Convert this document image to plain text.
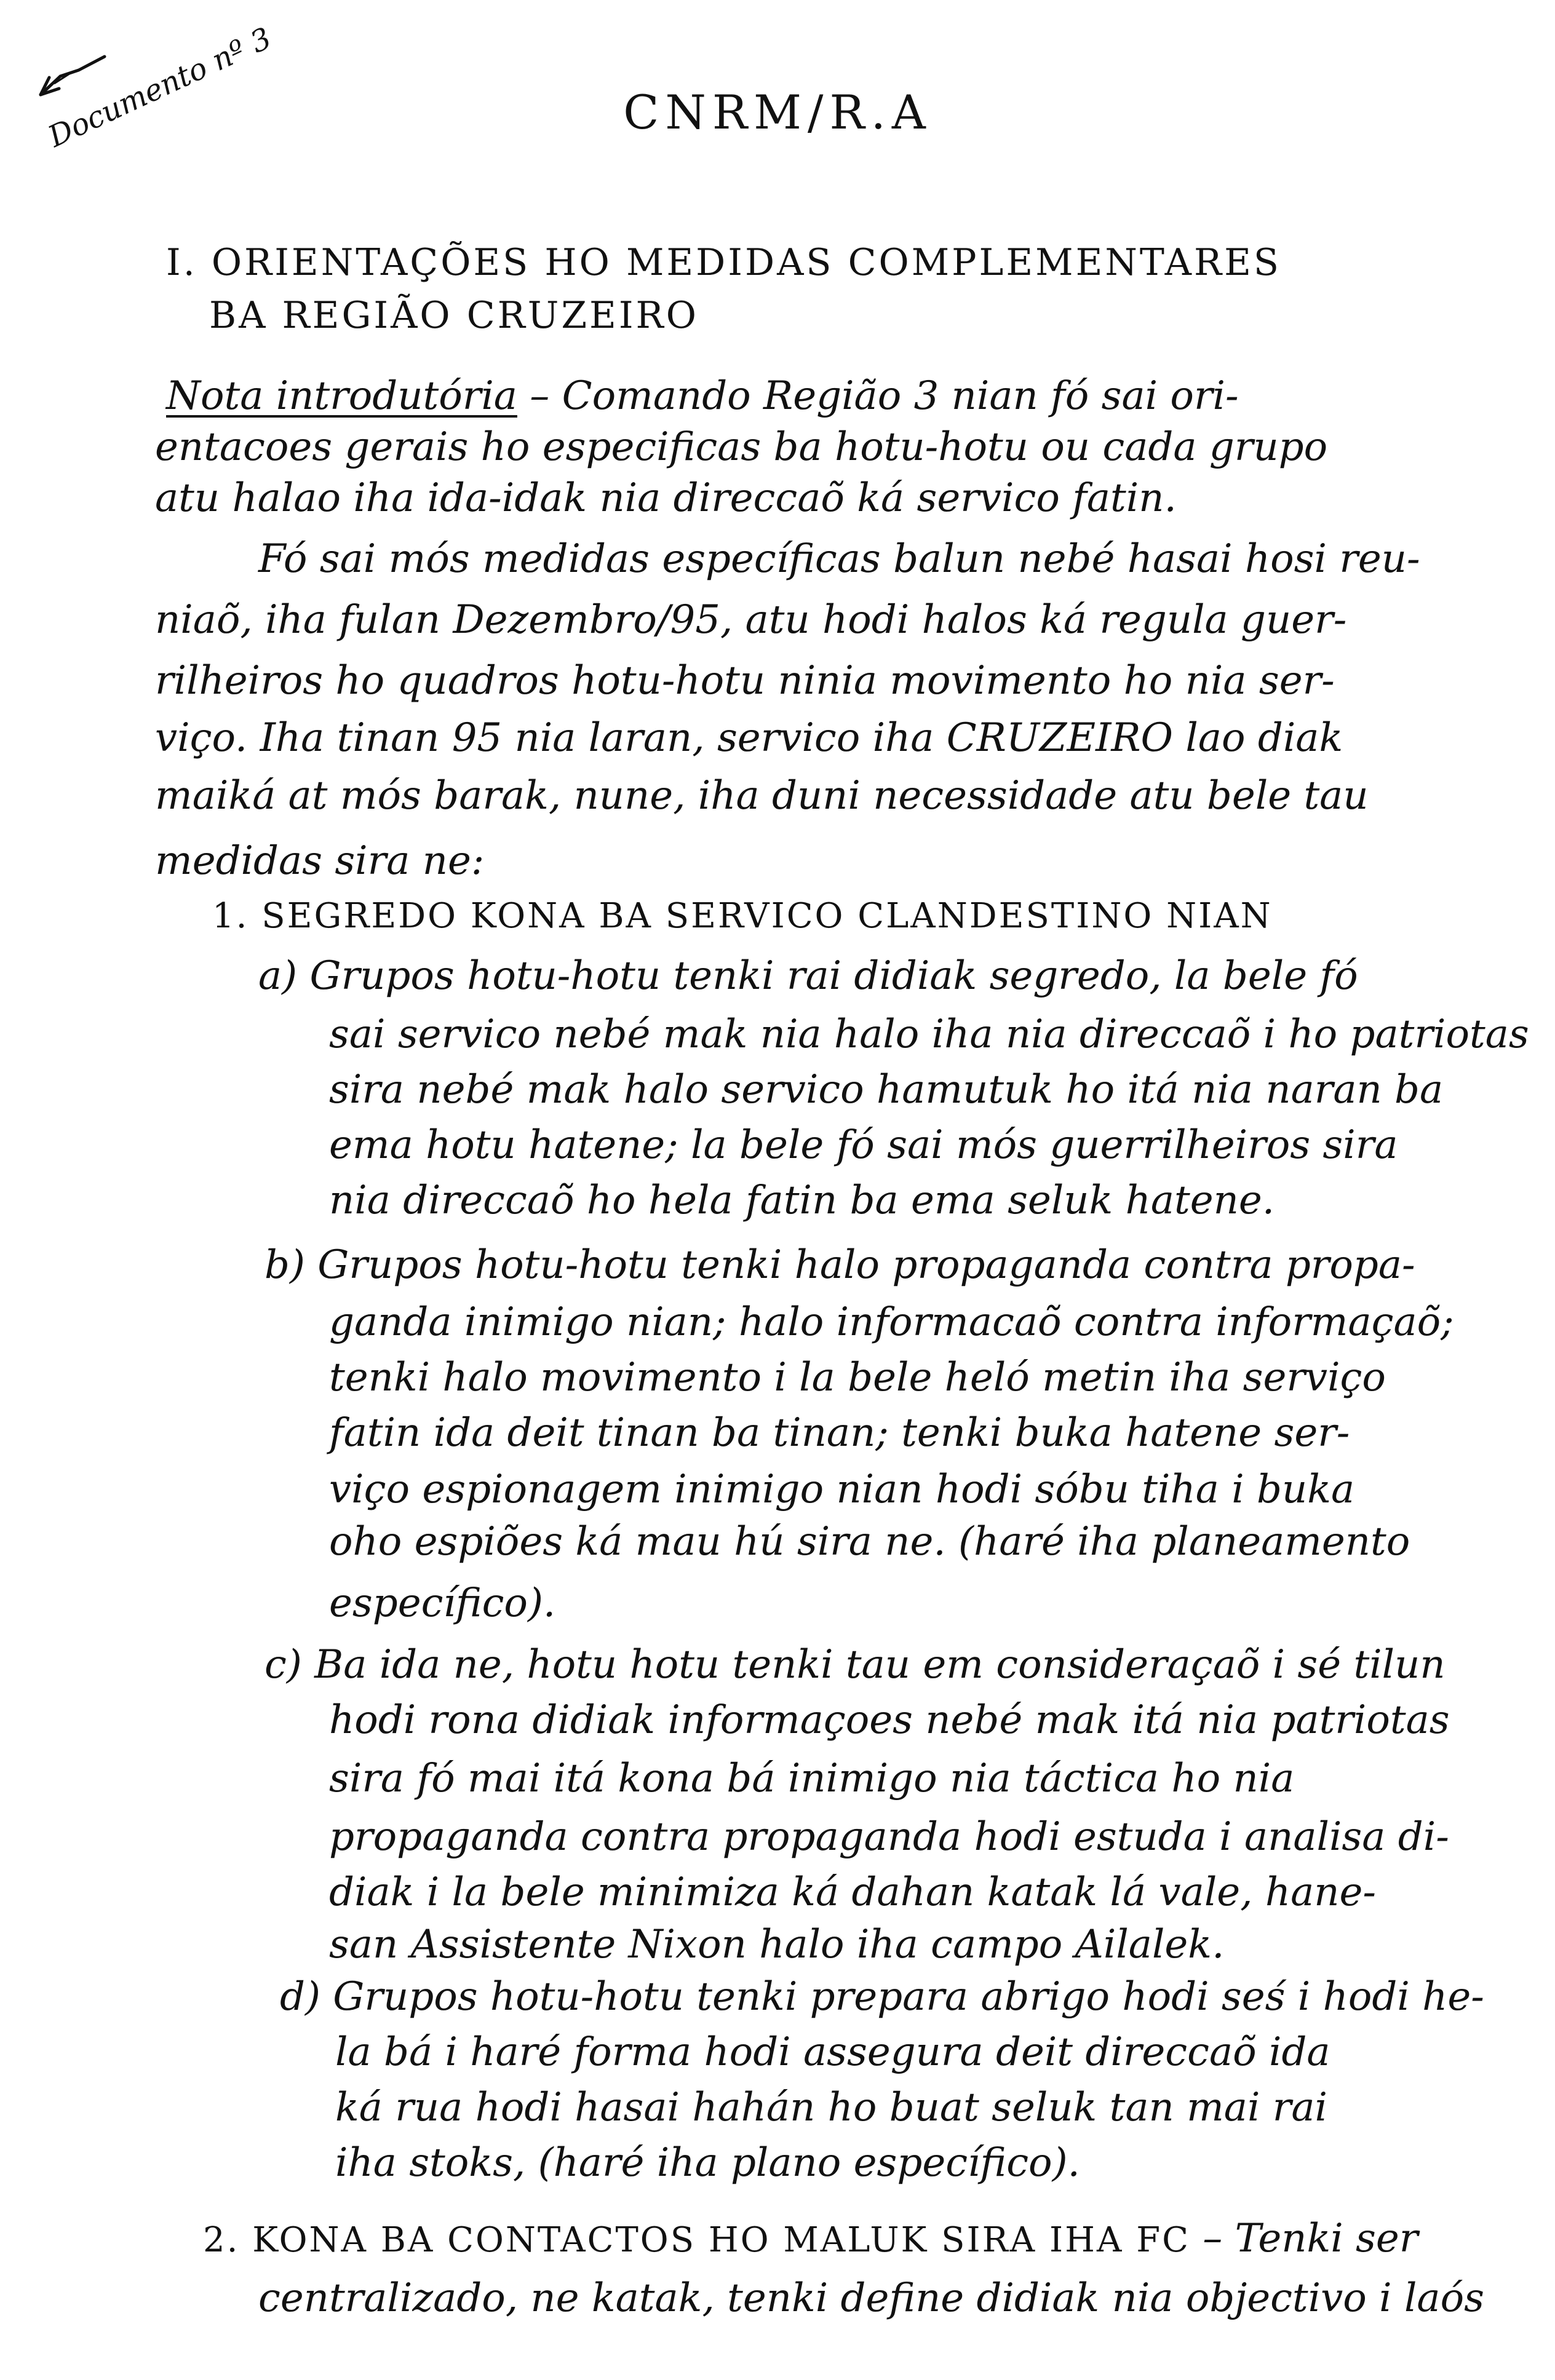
Documento nº 3	CNRM/R.A
I. ORIENTAÇÕES HO MEDIDAS COMPLEMENTARES
BA REGIÃO CRUZEIRO
Nota introdutória – Comando Região 3 nian fó sai ori-
entacoes gerais ho especificas ba hotu-hotu ou cada grupo
atu halao iha ida-idak nia direccaõ ká servico fatin.
Fó sai mós medidas específicas balun nebé hasai hosi reu-
niaõ, iha fulan Dezembro/95, atu hodi halos ká regula guer-
rilheiros ho quadros hotu-hotu ninia movimento ho nia ser-
viço. Iha tinan 95 nia laran, servico iha CRUZEIRO lao diak
maiká at mós barak, nune, iha duni necessidade atu bele tau
medidas sira ne:
1. SEGREDO KONA BA SERVICO CLANDESTINO NIAN
a) Grupos hotu-hotu tenki rai didiak segredo, la bele fó
sai servico nebé mak nia halo iha nia direccaõ i ho patriotas
sira nebé mak halo servico hamutuk ho itá nia naran ba
ema hotu hatene; la bele fó sai mós guerrilheiros sira
nia direccaõ ho hela fatin ba ema seluk hatene.
b) Grupos hotu-hotu tenki halo propaganda contra propa-
ganda inimigo nian; halo informacaõ contra informaçaõ;
tenki halo movimento i la bele heló metin iha serviço
fatin ida deit tinan ba tinan; tenki buka hatene ser-
viço espionagem inimigo nian hodi sóbu tiha i buka
oho espiões ká mau hú sira ne. (haré iha planeamento
específico).
c) Ba ida ne, hotu hotu tenki tau em consideraçaõ i sé tilun
hodi rona didiak informaçoes nebé mak itá nia patriotas
sira fó mai itá kona bá inimigo nia táctica ho nia
propaganda contra propaganda hodi estuda i analisa di-
diak i la bele minimiza ká dahan katak lá vale, hane-
san Assistente Nixon halo iha campo Ailalek.
d) Grupos hotu-hotu tenki prepara abrigo hodi seś i hodi he-
la bá i haré forma hodi assegura deit direccaõ ida
ká rua hodi hasai hahán ho buat seluk tan mai rai
iha stoks, (haré iha plano específico).
2. KONA BA CONTACTOS HO MALUK SIRA IHA FC – Tenki ser
centralizado, ne katak, tenki define didiak nia objectivo i laós
